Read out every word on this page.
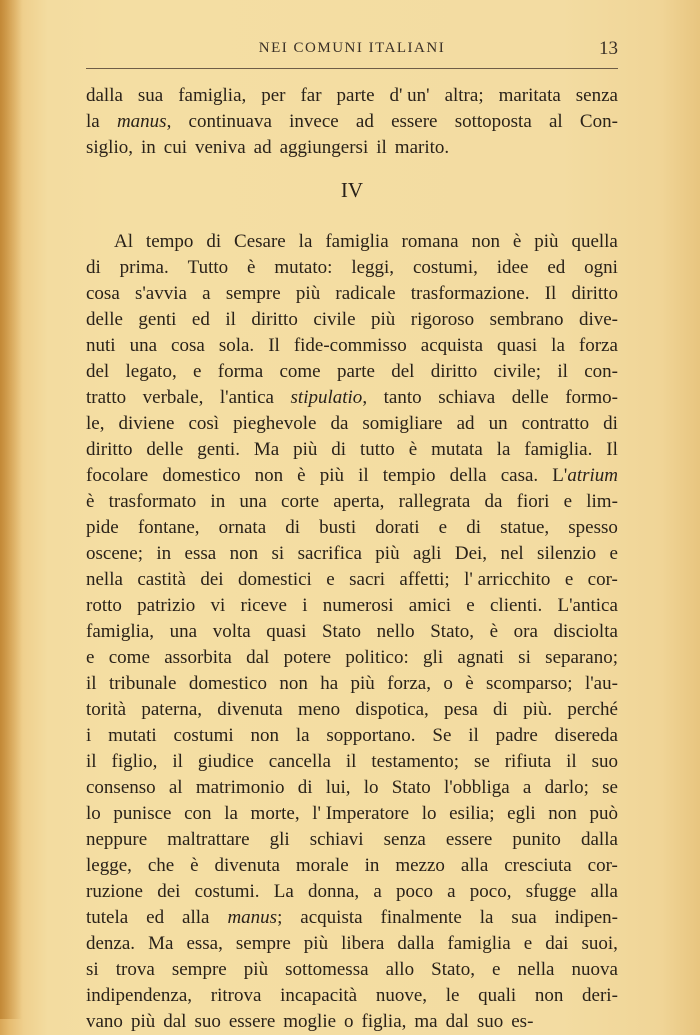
NEI COMUNI ITALIANI	13
dalla sua famiglia, per far parte d' un' altra; maritata senza
la manus, continuava invece ad essere sottoposta al Con-
siglio, in cui veniva ad aggiungersi il marito.
IV
Al tempo di Cesare la famiglia romana non è più quella
di prima. Tutto è mutato: leggi, costumi, idee ed ogni
cosa s'avvia a sempre più radicale trasformazione. Il diritto
delle genti ed il diritto civile più rigoroso sembrano dive-
nuti una cosa sola. Il fide-commisso acquista quasi la forza
del legato, e forma come parte del diritto civile; il con-
tratto verbale, l'antica stipulatio, tanto schiava delle formo-
le, diviene così pieghevole da somigliare ad un contratto di
diritto delle genti. Ma più di tutto è mutata la famiglia. Il
focolare domestico non è più il tempio della casa. L'atrium
è trasformato in una corte aperta, rallegrata da fiori e lim-
pide fontane, ornata di busti dorati e di statue, spesso
oscene; in essa non si sacrifica più agli Dei, nel silenzio e
nella castità dei domestici e sacri affetti; l' arricchito e cor-
rotto patrizio vi riceve i numerosi amici e clienti. L'antica
famiglia, una volta quasi Stato nello Stato, è ora disciolta
e come assorbita dal potere politico: gli agnati si separano;
il tribunale domestico non ha più forza, o è scomparso; l'au-
torità paterna, divenuta meno dispotica, pesa di più. perché
i mutati costumi non la sopportano. Se il padre disereda
il figlio, il giudice cancella il testamento; se rifiuta il suo
consenso al matrimonio di lui, lo Stato l'obbliga a darlo; se
lo punisce con la morte, l' Imperatore lo esilia; egli non può
neppure maltrattare gli schiavi senza essere punito dalla
legge, che è divenuta morale in mezzo alla cresciuta cor-
ruzione dei costumi. La donna, a poco a poco, sfugge alla
tutela ed alla manus; acquista finalmente la sua indipen-
denza. Ma essa, sempre più libera dalla famiglia e dai suoi,
si trova sempre più sottomessa allo Stato, e nella nuova
indipendenza, ritrova incapacità nuove, le quali non deri-
vano più dal suo essere moglie o figlia, ma dal suo es-
